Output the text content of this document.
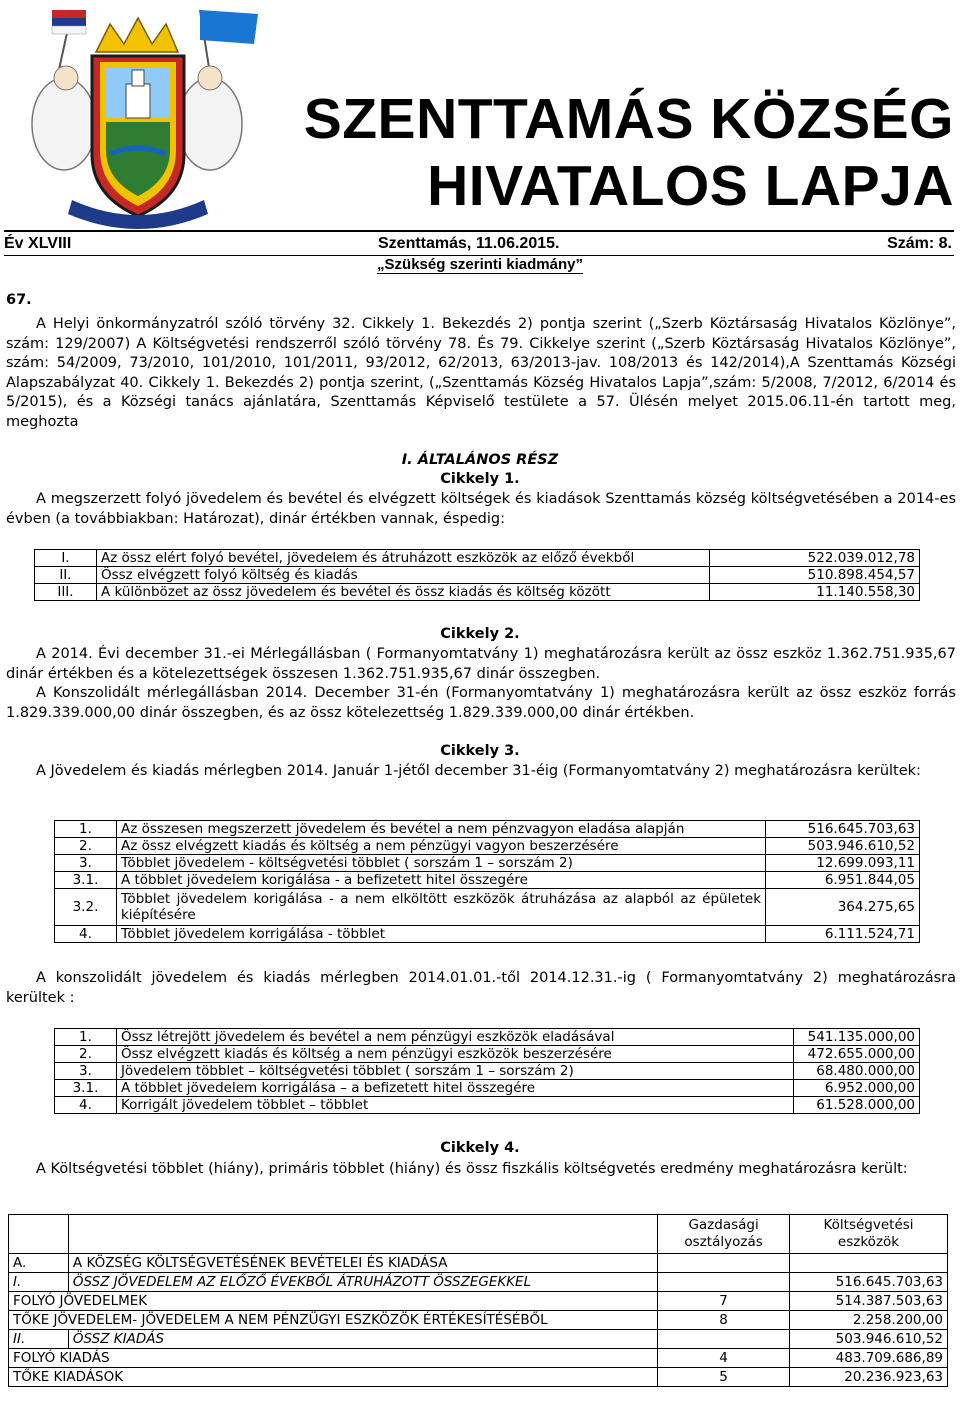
SZENTTAMÁS KÖZSÉG
HIVATALOS LAPJA
Év XLVIII	Szenttamás, 11.06.2015.	Szám: 8.
„Szükség szerinti kiadmány”
67.
A Helyi önkormányzatról szóló törvény 32. Cikkely 1. Bekezdés 2) pontja szerint („Szerb Köztársaság Hivatalos Közlönye”, szám: 129/2007) A Költségvetési rendszerről szóló törvény 78. És 79. Cikkelye szerint („Szerb Köztársaság Hivatalos Közlönye”, szám: 54/2009, 73/2010, 101/2010, 101/2011, 93/2012, 62/2013, 63/2013-jav. 108/2013 és 142/2014),A Szenttamás Községi Alapszabályzat 40. Cikkely 1. Bekezdés 2) pontja szerint, („Szenttamás Község Hivatalos Lapja”,szám: 5/2008, 7/2012, 6/2014 és 5/2015), és a Községi tanács ajánlatára, Szenttamás Képviselő testülete a 57. Ülésén melyet 2015.06.11-én tartott meg, meghozta
I. ÁLTALÁNOS RÉSZ
Cikkely 1.
A megszerzett folyó jövedelem és bevétel és elvégzett költségek és kiadások Szenttamás község költségvetésében a 2014-es évben (a továbbiakban: Határozat), dinár értékben vannak, éspedig:
I.	Az össz elért folyó bevétel, jövedelem és átruházott eszközök az előző évekből	522.039.012,78
II.	Össz elvégzett folyó költség és kiadás	510.898.454,57
III.	A különbözet az össz jövedelem és bevétel és össz kiadás és költség között	11.140.558,30
Cikkely 2.
A 2014. Évi december 31.-ei Mérlegállásban ( Formanyomtatvány 1) meghatározásra került az össz eszköz 1.362.751.935,67 dinár értékben és a kötelezettségek összesen 1.362.751.935,67 dinár összegben.
A Konszolidált mérlegállásban 2014. December 31-én (Formanyomtatvány 1) meghatározásra került az össz eszköz forrás 1.829.339.000,00 dinár összegben, és az össz kötelezettség 1.829.339.000,00 dinár értékben.
Cikkely 3.
A Jövedelem és kiadás mérlegben 2014. Január 1-jétől december 31-éig (Formanyomtatvány 2) meghatározásra kerültek:
1.	Az összesen megszerzett jövedelem és bevétel a nem pénzvagyon eladása alapján	516.645.703,63
2.	Az össz elvégzett kiadás és költség a nem pénzügyi vagyon beszerzésére	503.946.610,52
3.	Többlet jövedelem - költségvetési többlet ( sorszám 1 – sorszám 2)	12.699.093,11
3.1.	A többlet jövedelem korigálása - a befizetett hitel összegére	6.951.844,05
3.2.	Többlet jövedelem korigálása - a nem elköltött eszközök átruházása az alapból az épületek kiépítésére	364.275,65
4.	Többlet jövedelem korrigálása - többlet	6.111.524,71
A konszolidált jövedelem és kiadás mérlegben 2014.01.01.-től 2014.12.31.-ig ( Formanyomtatvány 2) meghatározásra kerültek :
1.	Össz létrejött jövedelem és bevétel a nem pénzügyi eszközök eladásával	541.135.000,00
2.	Össz elvégzett kiadás és költség a nem pénzügyi eszközök beszerzésére	472.655.000,00
3.	Jövedelem többlet – költségvetési többlet ( sorszám 1 – sorszám 2)	68.480.000,00
3.1.	A többlet jövedelem korrigálása – a befizetett hitel összegére	6.952.000,00
4.	Korrigált jövedelem többlet – többlet	61.528.000,00
Cikkely 4.
A Költségvetési többlet (hiány), primáris többlet (hiány) és össz fiszkális költségvetés eredmény meghatározásra került:
		Gazdasági osztályozás	Költségvetési eszközök
A.	A KÖZSÉG KÖLTSÉGVETÉSÉNEK BEVÉTELEI ÉS KIADÁSA		
I.	ÖSSZ JÖVEDELEM AZ ELŐZŐ ÉVEKBŐL ÁTRUHÁZOTT ÖSSZEGEKKEL		516.645.703,63
FOLYÓ JÖVEDELMEK		7	514.387.503,63
TŐKE JÖVEDELEM- JÖVEDELEM A NEM PÉNZÜGYI ESZKÖZÖK ÉRTÉKESÍTÉSÉBŐL		8	2.258.200,00
II.	ÖSSZ KIADÁS		503.946.610,52
FOLYÓ KIADÁS		4	483.709.686,89
TŐKE KIADÁSOK		5	20.236.923,63
